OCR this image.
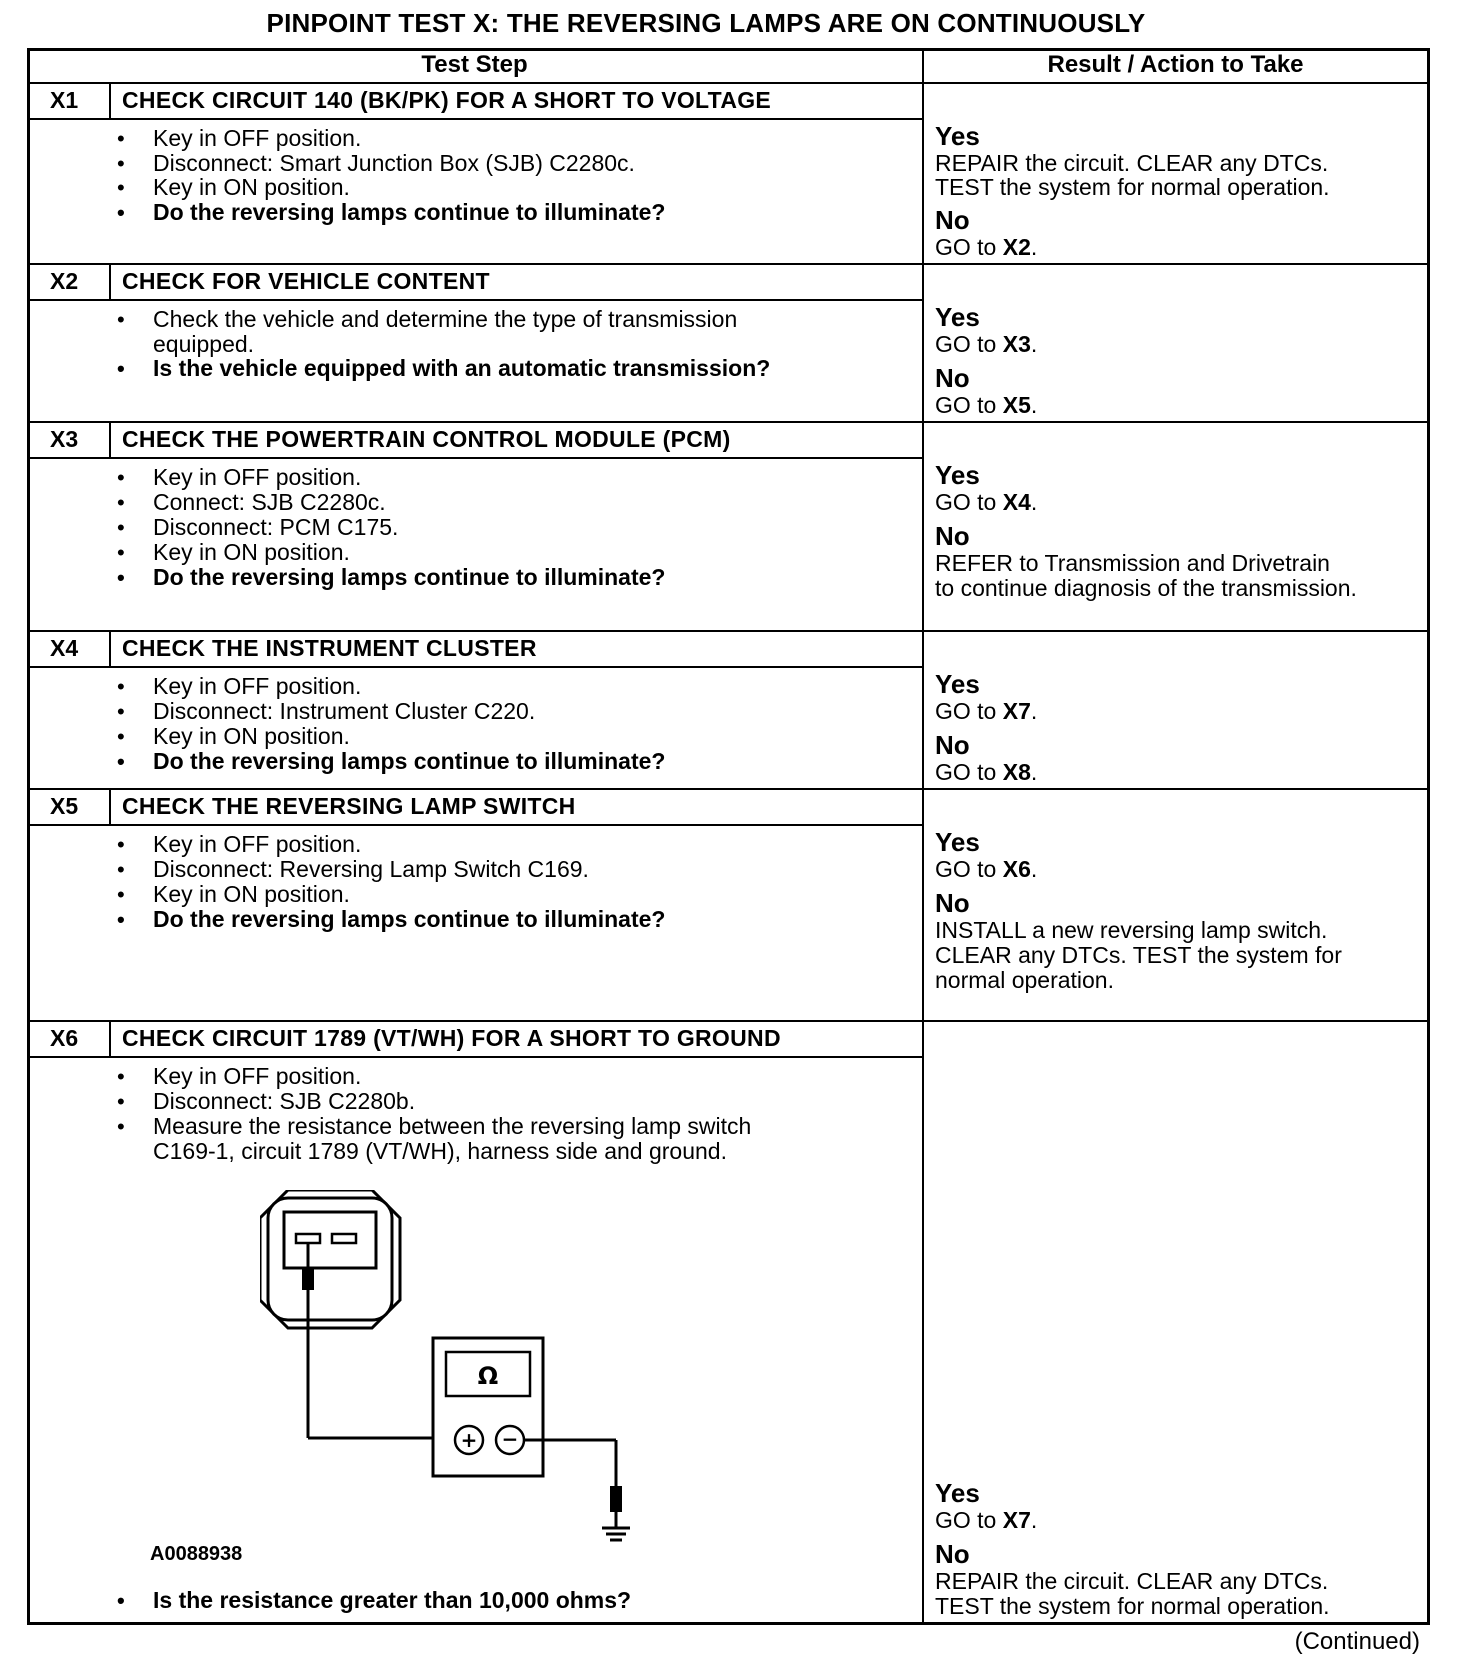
PINPOINT TEST X: THE REVERSING LAMPS ARE ON CONTINUOUSLY
Test Step	Result / Action to Take
X1 CHECK CIRCUIT 140 (BK/PK) FOR A SHORT TO VOLTAGE
• Key in OFF position.
• Disconnect: Smart Junction Box (SJB) C2280c.
• Key in ON position.
• Do the reversing lamps continue to illuminate?
Yes
REPAIR the circuit. CLEAR any DTCs.
TEST the system for normal operation.
No
GO to X2.
X2 CHECK FOR VEHICLE CONTENT
• Check the vehicle and determine the type of transmission
equipped.
• Is the vehicle equipped with an automatic transmission?
Yes
GO to X3.
No
GO to X5.
X3 CHECK THE POWERTRAIN CONTROL MODULE (PCM)
• Key in OFF position.
• Connect: SJB C2280c.
• Disconnect: PCM C175.
• Key in ON position.
• Do the reversing lamps continue to illuminate?
Yes
GO to X4.
No
REFER to Transmission and Drivetrain
to continue diagnosis of the transmission.
X4 CHECK THE INSTRUMENT CLUSTER
• Key in OFF position.
• Disconnect: Instrument Cluster C220.
• Key in ON position.
• Do the reversing lamps continue to illuminate?
Yes
GO to X7.
No
GO to X8.
X5 CHECK THE REVERSING LAMP SWITCH
• Key in OFF position.
• Disconnect: Reversing Lamp Switch C169.
• Key in ON position.
• Do the reversing lamps continue to illuminate?
Yes
GO to X6.
No
INSTALL a new reversing lamp switch.
CLEAR any DTCs. TEST the system for
normal operation.
X6 CHECK CIRCUIT 1789 (VT/WH) FOR A SHORT TO GROUND
• Key in OFF position.
• Disconnect: SJB C2280b.
• Measure the resistance between the reversing lamp switch
C169-1, circuit 1789 (VT/WH), harness side and ground.
• Is the resistance greater than 10,000 ohms?
A0088938
Yes
GO to X7.
No
REPAIR the circuit. CLEAR any DTCs.
TEST the system for normal operation.
Ω
+ −
(Continued)
